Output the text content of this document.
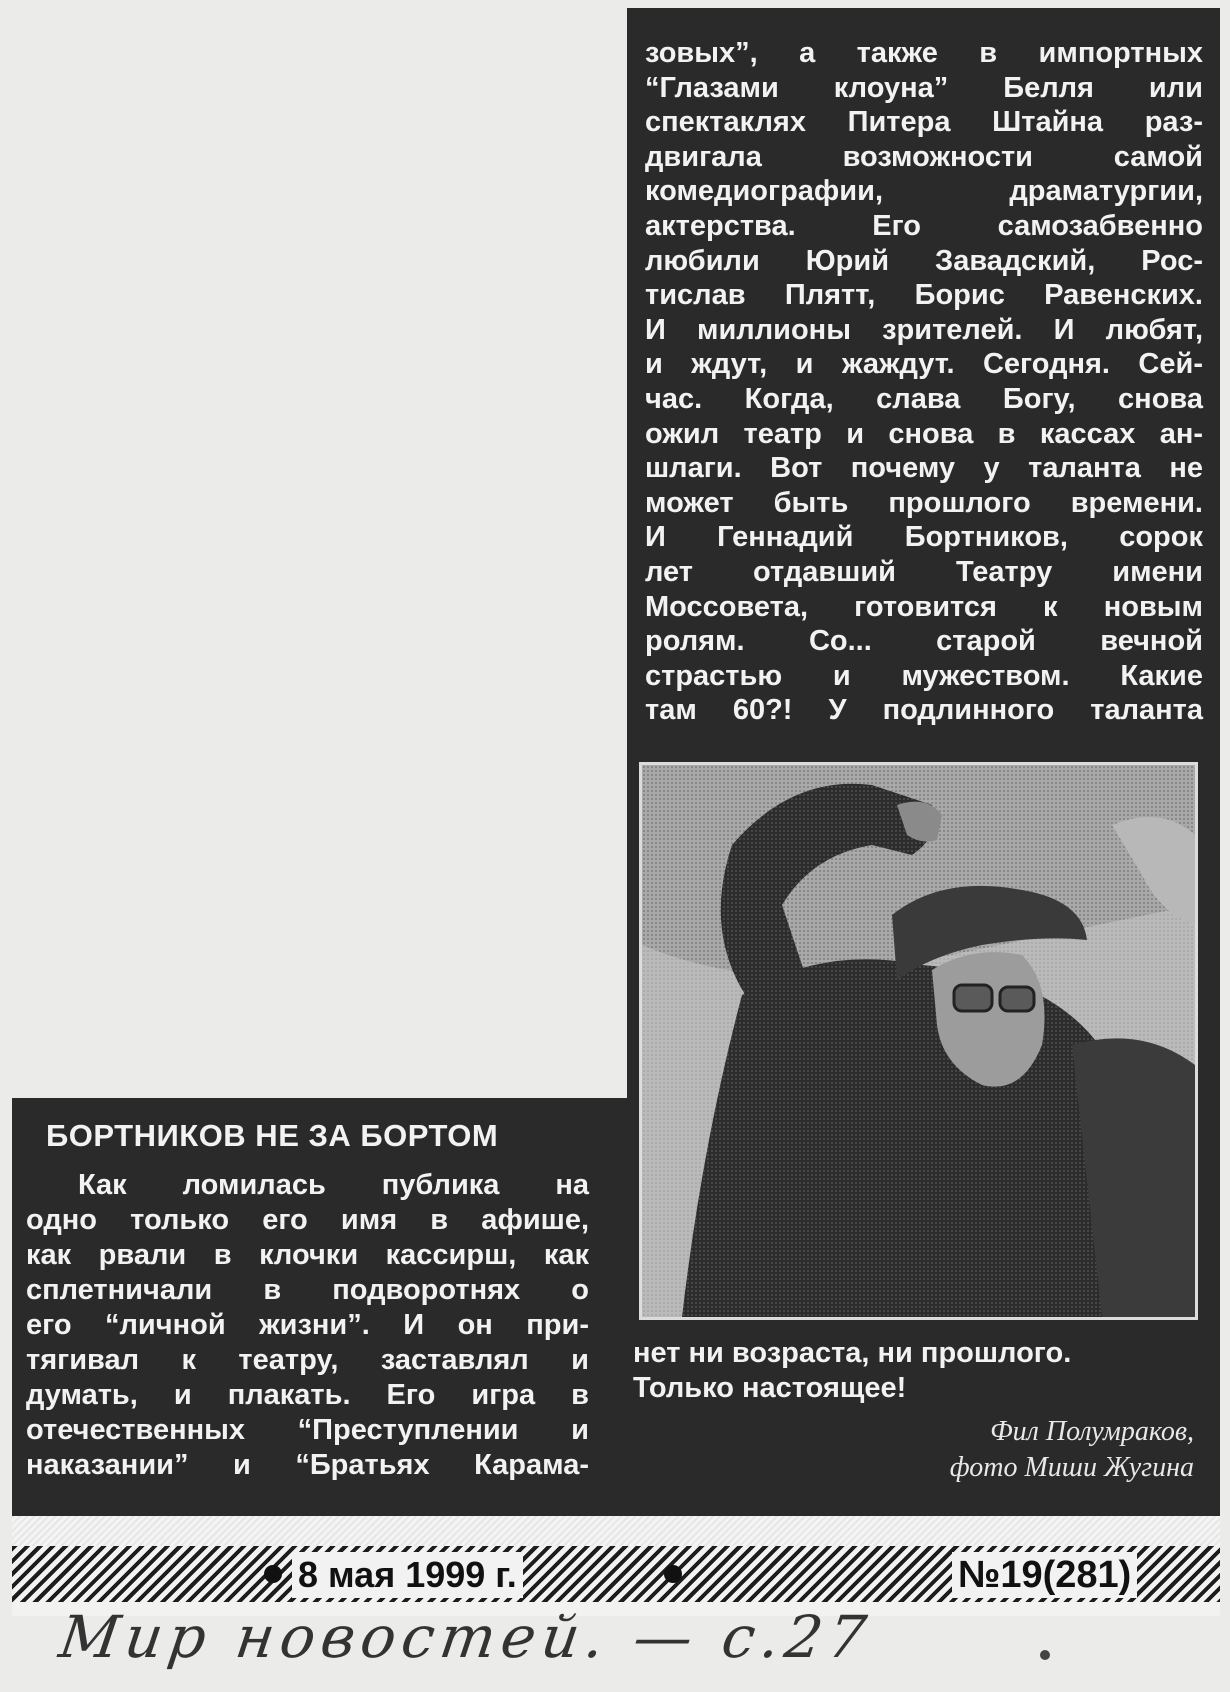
зовых”, а также в импортных
“Глазами клоуна” Белля или
спектаклях Питера Штайна раз-
двигала возможности самой
комедиографии, драматургии,
актерства. Его самозабвенно
любили Юрий Завадский, Рос-
тислав Плятт, Борис Равенских.
И миллионы зрителей. И любят,
и ждут, и жаждут. Сегодня. Сей-
час. Когда, слава Богу, снова
ожил театр и снова в кассах ан-
шлаги. Вот почему у таланта не
может быть прошлого времени.
И Геннадий Бортников, сорок
лет отдавший Театру имени
Моссовета, готовится к новым
ролям. Со... старой вечной
страстью и мужеством. Какие
там 60?! У подлинного таланта
БОРТНИКОВ НЕ ЗА БОРТОМ
Как ломилась публика на
одно только его имя в афише,
как рвали в клочки кассирш, как
сплетничали в подворотнях о
его “личной жизни”. И он при-
тягивал к театру, заставлял и
думать, и плакать. Его игра в
отечественных “Преступлении и
наказании” и “Братьях Карама-
нет ни возраста, ни прошлого.
Только настоящее!
Фил Полумраков,
фото Миши Жугина
8 мая 1999 г.	№19(281)
Мир новостей. — с.27
